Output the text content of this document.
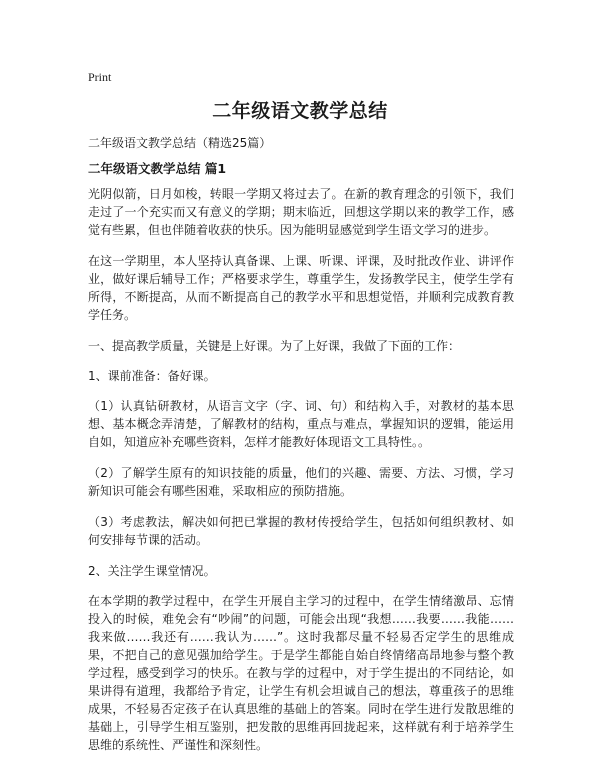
Print
二年级语文教学总结

二年级语文教学总结（精选25篇）

二年级语文教学总结 篇1

光阴似箭，日月如梭，转眼一学期又将过去了。在新的教育理念的引领下，我们走过了一个充实而又有意义的学期；期末临近，回想这学期以来的教学工作，感觉有些累，但也伴随着收获的快乐。因为能明显感觉到学生语文学习的进步。

在这一学期里，本人坚持认真备课、上课、听课、评课，及时批改作业、讲评作业，做好课后辅导工作；严格要求学生，尊重学生，发扬教学民主，使学生学有所得，不断提高，从而不断提高自己的教学水平和思想觉悟，并顺利完成教育教学任务。

一、提高教学质量，关键是上好课。为了上好课，我做了下面的工作：

1、课前准备：备好课。

（1）认真钻研教材，从语言文字（字、词、句）和结构入手，对教材的基本思想、基本概念弄清楚，了解教材的结构，重点与难点，掌握知识的逻辑，能运用自如，知道应补充哪些资料，怎样才能教好体现语文工具特性。。

（2）了解学生原有的知识技能的质量，他们的兴趣、需要、方法、习惯，学习新知识可能会有哪些困难，采取相应的预防措施。

（3）考虑教法，解决如何把已掌握的教材传授给学生，包括如何组织教材、如何安排每节课的活动。

2、关注学生课堂情况。

在本学期的教学过程中，在学生开展自主学习的过程中，在学生情绪激昂、忘情投入的时候，难免会有“吵闹”的问题，可能会出现“我想……我要……我能……我来做……我还有……我认为……”。这时我都尽量不轻易否定学生的思维成果，不把自己的意见强加给学生。于是学生都能自始自终情绪高昂地参与整个教学过程，感受到学习的快乐。在教与学的过程中，对于学生提出的不同结论，如果讲得有道理，我都给予肯定，让学生有机会坦诚自己的想法，尊重孩子的思维成果，不轻易否定孩子在认真思维的基础上的答案。同时在学生进行发散思维的基础上，引导学生相互鉴别，把发散的思维再回拢起来，这样就有利于培养学生思维的系统性、严谨性和深刻性。
